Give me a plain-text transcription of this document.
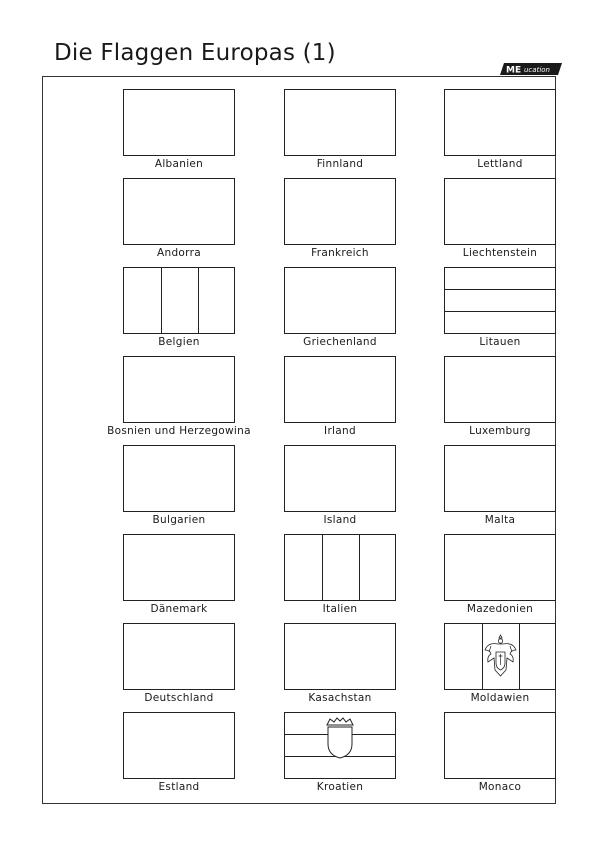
Die Flaggen Europas (1)
ucation
ME
Albanien
Andorra
Belgien
Bosnien und Herzegowina
Bulgarien
Dänemark
Deutschland
Estland
Finnland
Frankreich
Griechenland
Irland
Island
Italien
Kasachstan
Kroatien
Lettland
Liechtenstein
Litauen
Luxemburg
Malta
Mazedonien
Moldawien
Monaco
